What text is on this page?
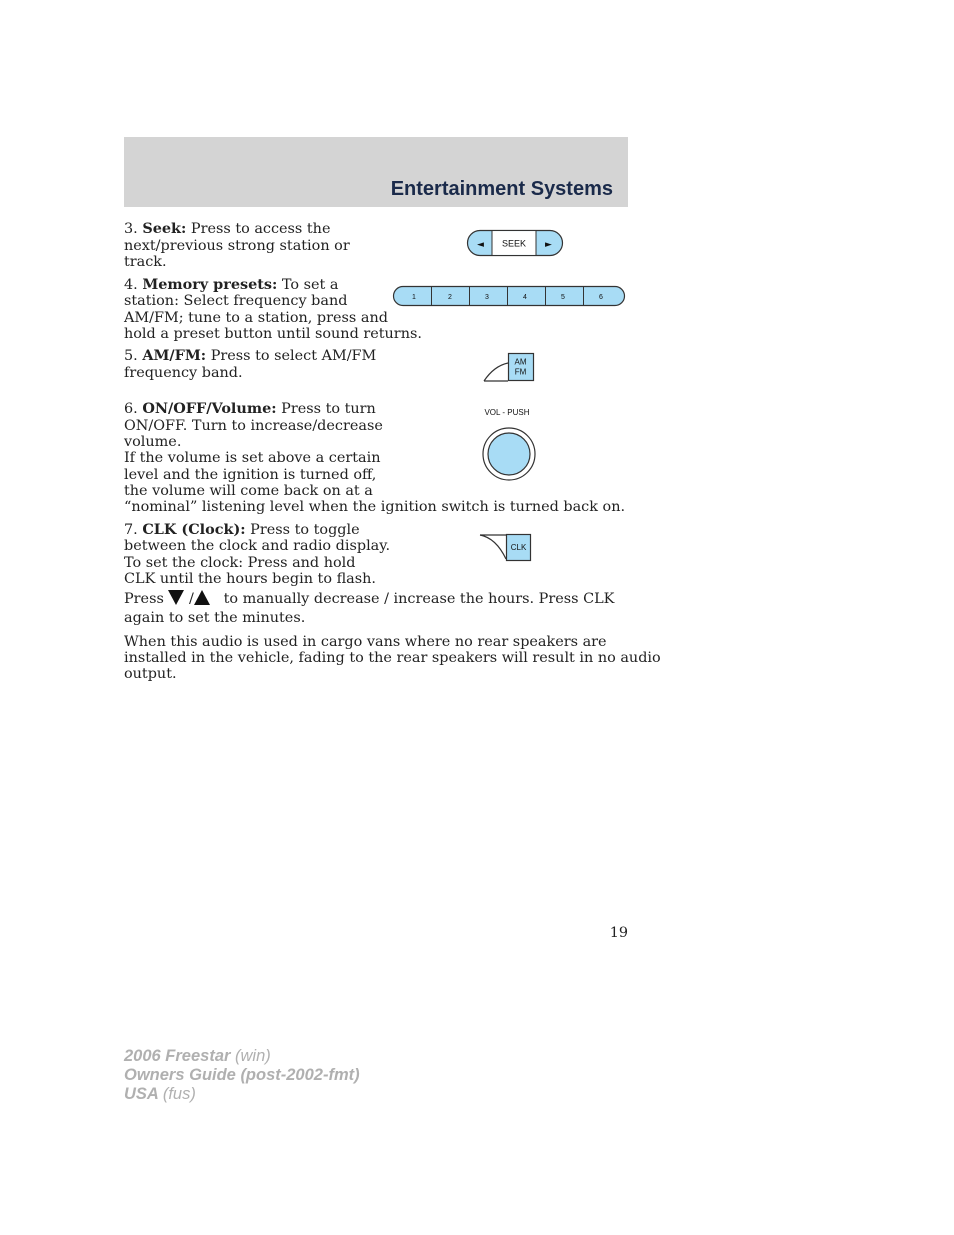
Entertainment Systems
3. Seek: Press to access the
next/previous strong station or
track.
4. Memory presets: To set a
station: Select frequency band
AM/FM; tune to a station, press and
hold a preset button until sound returns.
5. AM/FM: Press to select AM/FM
frequency band.
6. ON/OFF/Volume: Press to turn
ON/OFF. Turn to increase/decrease
volume.
If the volume is set above a certain
level and the ignition is turned off,
the volume will come back on at a
“nominal” listening level when the ignition switch is turned back on.
7. CLK (Clock): Press to toggle
between the clock and radio display.
To set the clock: Press and hold
CLK until the hours begin to flash.
Press / to manually decrease / increase the hours. Press CLK
again to set the minutes.
When this audio is used in cargo vans where no rear speakers are
installed in the vehicle, fading to the rear speakers will result in no audio
output.
◄ SEEK ►
1	2	3	4	5	6
AM
FM
VOL - PUSH
CLK
19
2006 Freestar (win)
Owners Guide (post-2002-fmt)
USA (fus)
